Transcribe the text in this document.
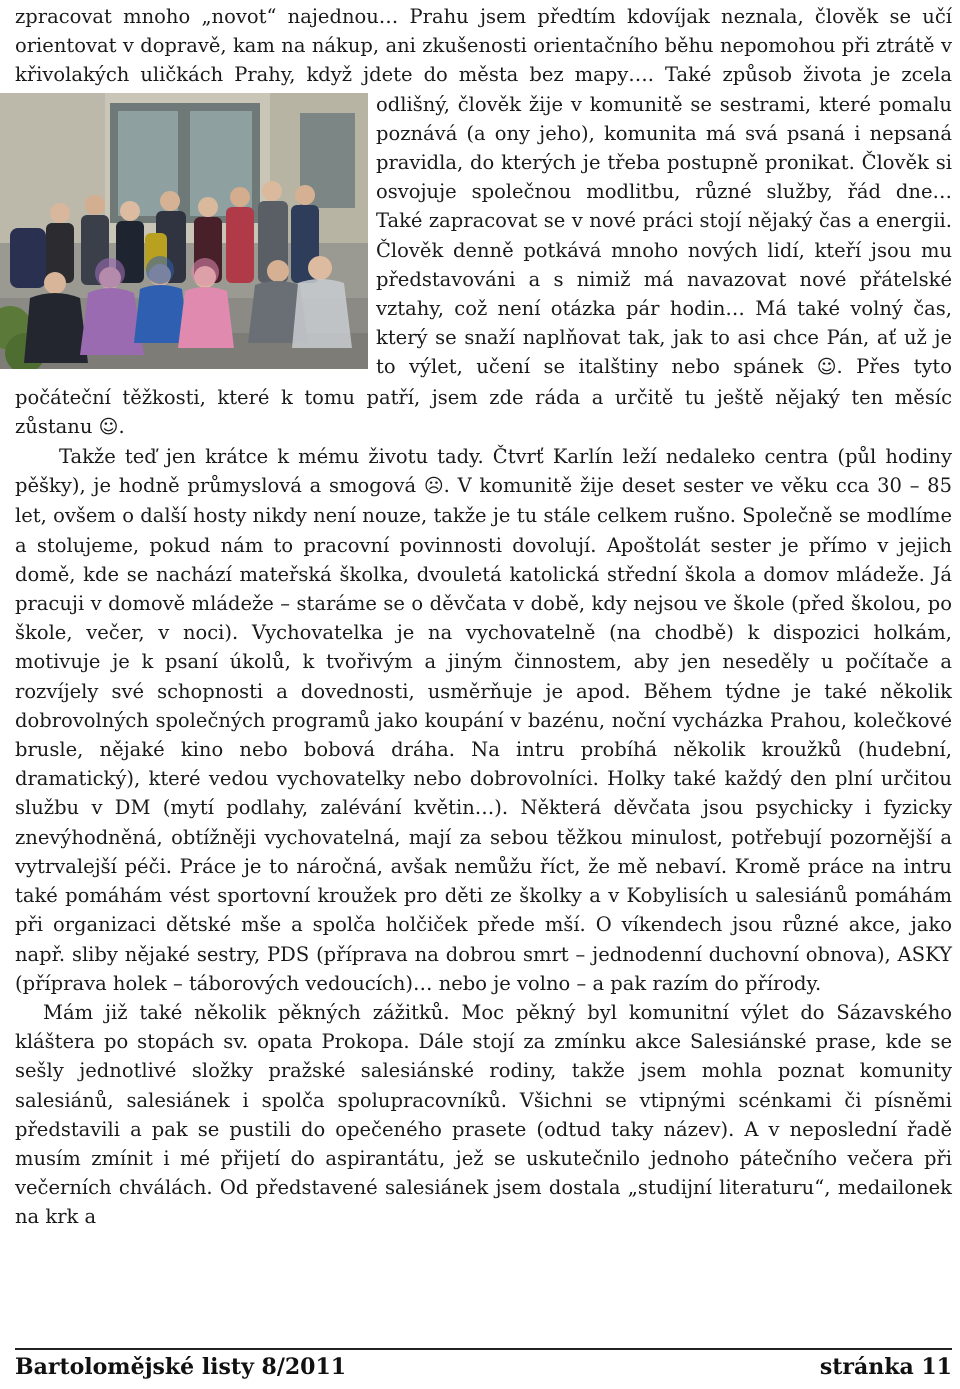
zpracovat mnoho „novot“ najednou… Prahu jsem předtím kdovíjak neznala, člověk se učí orientovat v dopravě, kam na nákup, ani zkušenosti orientačního běhu nepomohou při ztrátě v křivolakých uličkách Prahy, když jdete do města bez mapy…. Také způsob života je zcela odlišný, člověk žije v komunitě se sestrami, které pomalu poznává (a ony jeho), komunita má svá psaná i nepsaná pravidla, do kterých je třeba postupně pronikat. Člověk si osvojuje společnou modlitbu, různé služby, řád dne… Také zapracovat se v nové práci stojí nějaký čas a energii. Člověk denně potkává mnoho nových lidí, kteří jsou mu představováni a s nimiž má navazovat nové přátelské vztahy, což není otázka pár hodin… Má také volný čas, který se snaží naplňovat tak, jak to asi chce Pán, ať už je to výlet, učení se italštiny nebo spánek ☺. Přes tyto počáteční těžkosti, které k tomu patří, jsem zde ráda a určitě tu ještě nějaký ten měsíc zůstanu ☺.

Takže teď jen krátce k mému životu tady. Čtvrť Karlín leží nedaleko centra (půl hodiny pěšky), je hodně průmyslová a smogová ☹. V komunitě žije deset sester ve věku cca 30 – 85 let, ovšem o další hosty nikdy není nouze, takže je tu stále celkem rušno. Společně se modlíme a stolujeme, pokud nám to pracovní povinnosti dovolují. Apoštolát sester je přímo v jejich domě, kde se nachází mateřská školka, dvouletá katolická střední škola a domov mládeže. Já pracuji v domově mládeže – staráme se o děvčata v době, kdy nejsou ve škole (před školou, po škole, večer, v noci). Vychovatelka je na vychovatelně (na chodbě) k dispozici holkám, motivuje je k psaní úkolů, k tvořivým a jiným činnostem, aby jen neseděly u počítače a rozvíjely své schopnosti a dovednosti, usměrňuje je apod. Během týdne je také několik dobrovolných společných programů jako koupání v bazénu, noční vycházka Prahou, kolečkové brusle, nějaké kino nebo bobová dráha. Na intru probíhá několik kroužků (hudební, dramatický), které vedou vychovatelky nebo dobrovolníci. Holky také každý den plní určitou službu v DM (mytí podlahy, zalévání květin…). Některá děvčata jsou psychicky i fyzicky znevýhodněná, obtížněji vychovatelná, mají za sebou těžkou minulost, potřebují pozornější a vytrvalejší péči. Práce je to náročná, avšak nemůžu říct, že mě nebaví. Kromě práce na intru také pomáhám vést sportovní kroužek pro děti ze školky a v Kobylisích u salesiánů pomáhám při organizaci dětské mše a spolča holčiček přede mší. O víkendech jsou různé akce, jako např. sliby nějaké sestry, PDS (příprava na dobrou smrt – jednodenní duchovní obnova), ASKY (příprava holek – táborových vedoucích)… nebo je volno – a pak razím do přírody.

Mám již také několik pěkných zážitků. Moc pěkný byl komunitní výlet do Sázavského kláštera po stopách sv. opata Prokopa. Dále stojí za zmínku akce Salesiánské prase, kde se sešly jednotlivé složky pražské salesiánské rodiny, takže jsem mohla poznat komunity salesiánů, salesiánek i spolča spolupracovníků. Všichni se vtipnými scénkami či písněmi představili a pak se pustili do opečeného prasete (odtud taky název). A v neposlední řadě musím zmínit i mé přijetí do aspirantátu, jež se uskutečnilo jednoho pátečního večera při večerních chválách. Od představené salesiánek jsem dostala „studijní literaturu“, medailonek na krk a

Bartolomějské listy 8/2011	stránka 11
